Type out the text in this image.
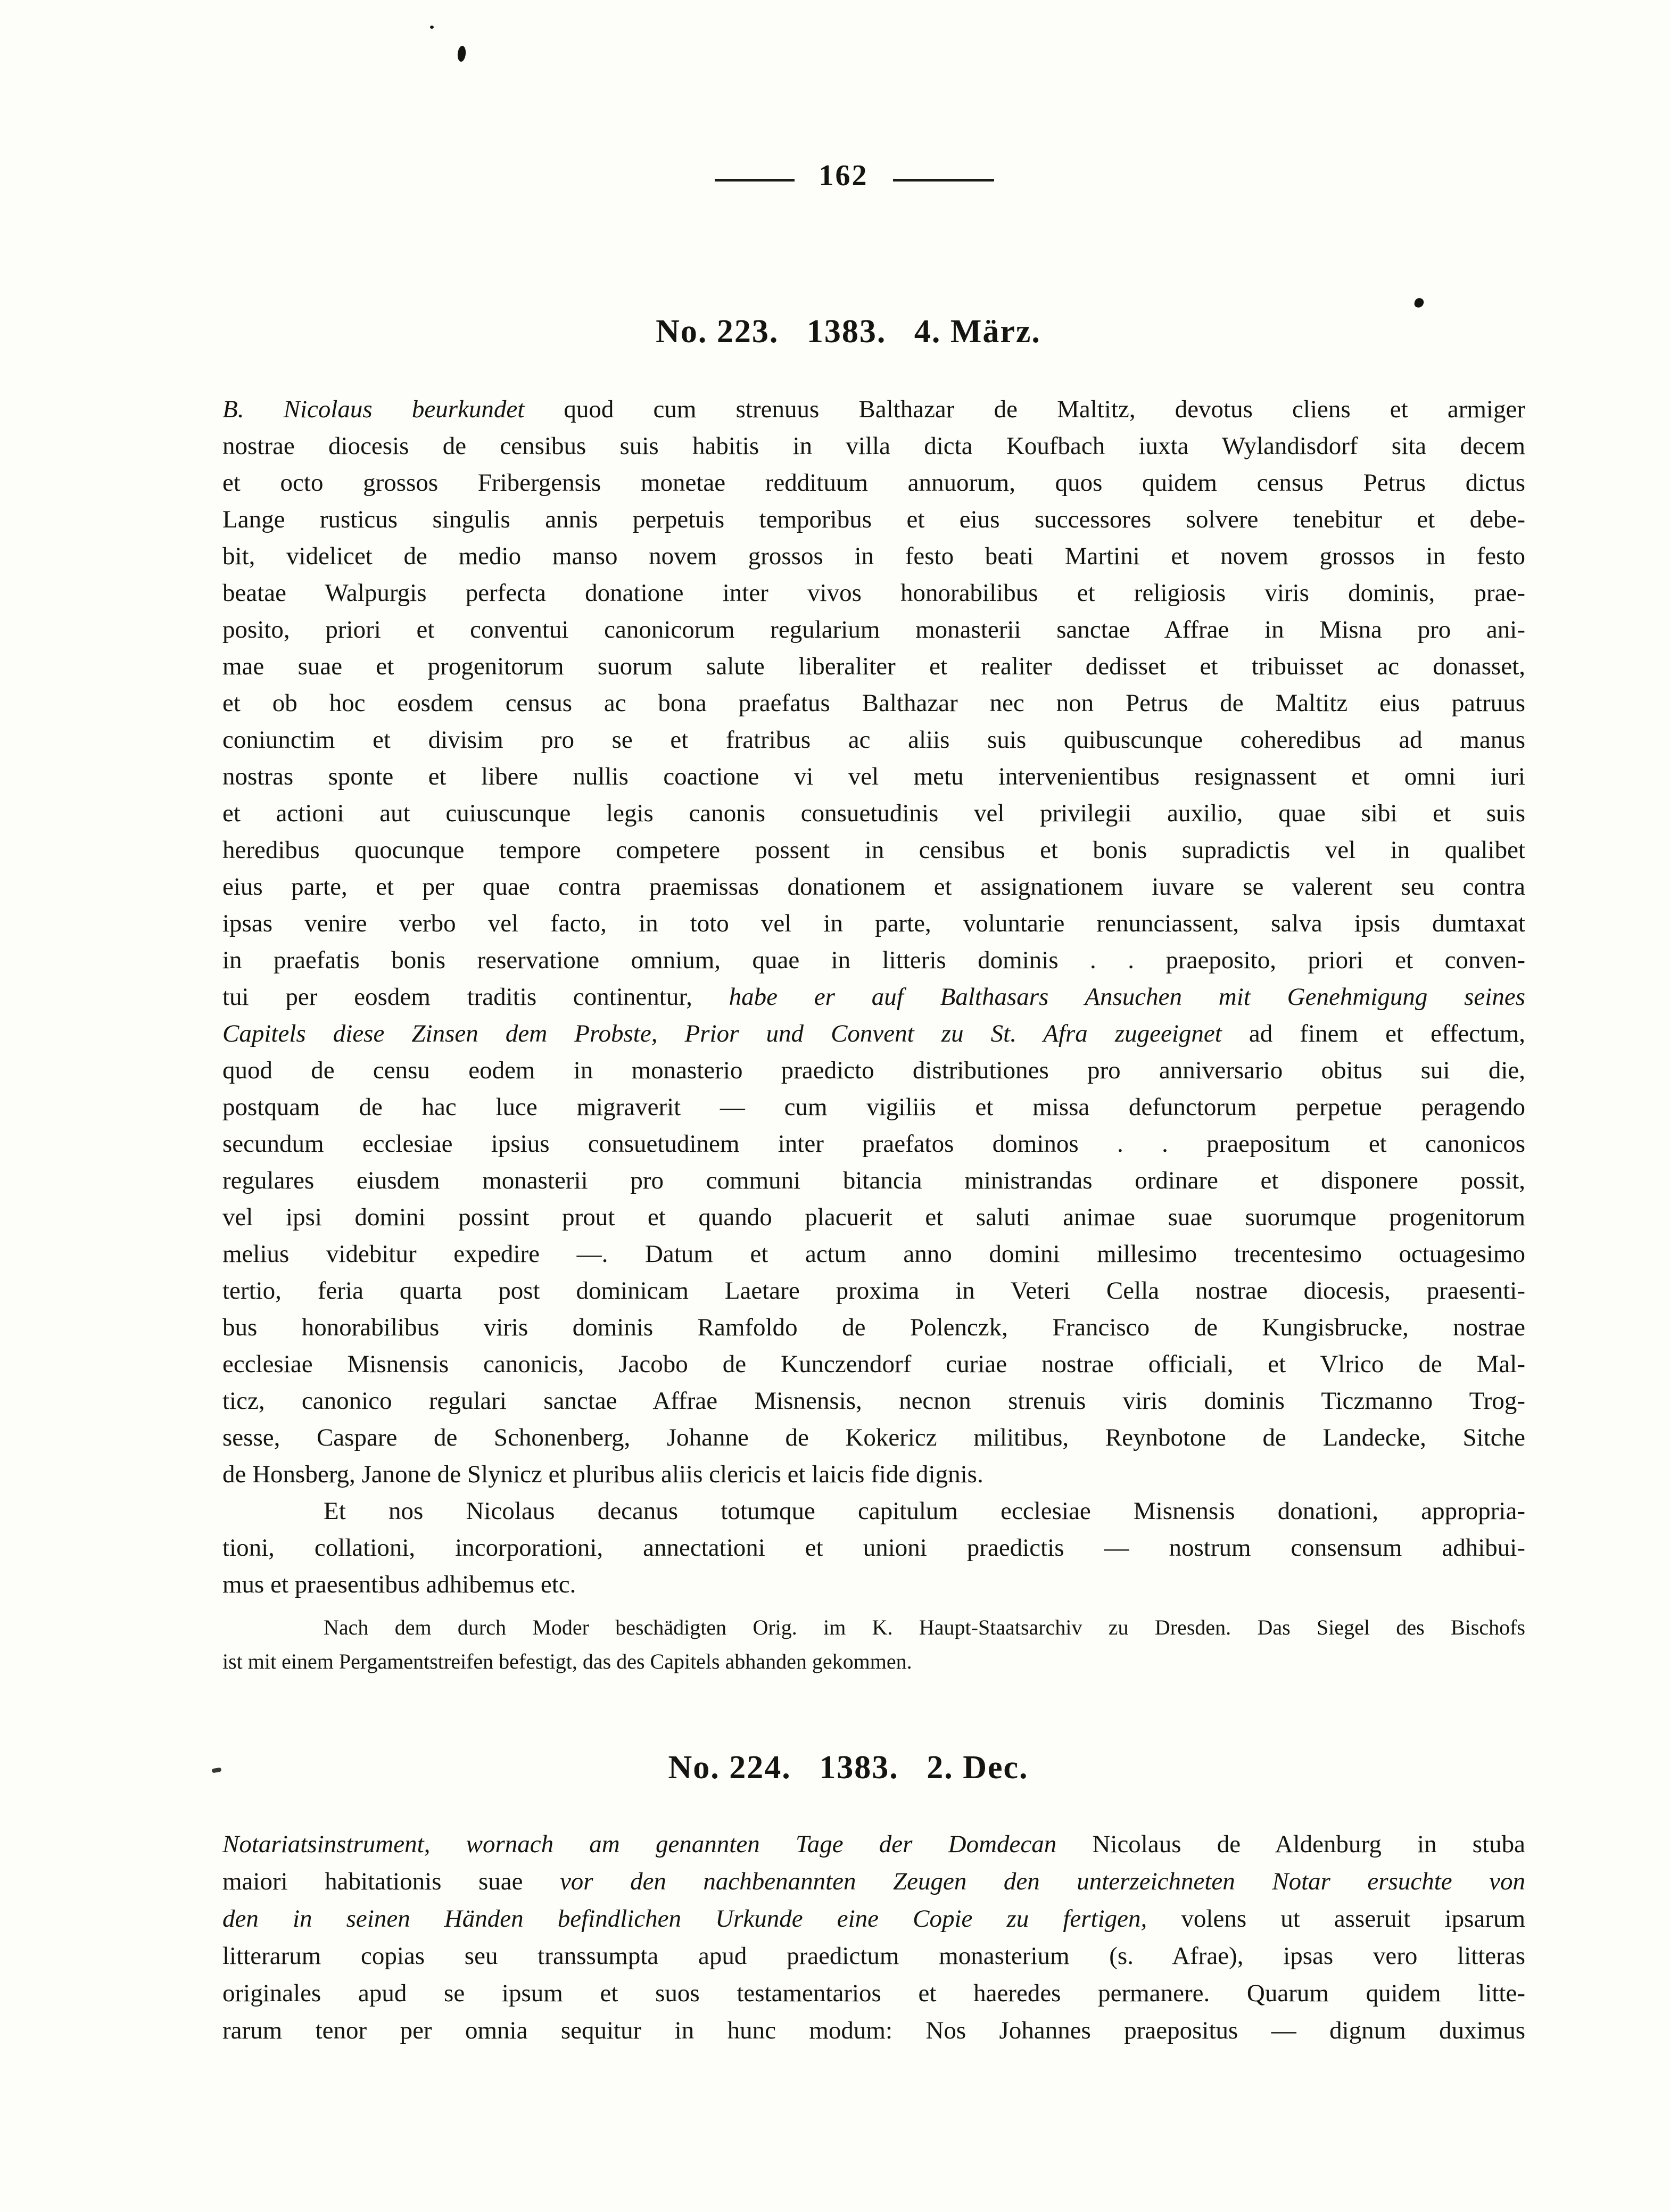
162
No. 223.   1383.   4. März.
B. Nicolaus beurkundet quod cum strenuus Balthazar de Maltitz, devotus cliens et armiger
nostrae diocesis de censibus suis habitis in villa dicta Koufbach iuxta Wylandisdorf sita decem
et octo grossos Fribergensis monetae reddituum annuorum, quos quidem census Petrus dictus
Lange rusticus singulis annis perpetuis temporibus et eius successores solvere tenebitur et debe-
bit, videlicet de medio manso novem grossos in festo beati Martini et novem grossos in festo
beatae Walpurgis perfecta donatione inter vivos honorabilibus et religiosis viris dominis, prae-
posito, priori et conventui canonicorum regularium monasterii sanctae Affrae in Misna pro ani-
mae suae et progenitorum suorum salute liberaliter et realiter dedisset et tribuisset ac donasset,
et ob hoc eosdem census ac bona praefatus Balthazar nec non Petrus de Maltitz eius patruus
coniunctim et divisim pro se et fratribus ac aliis suis quibuscunque coheredibus ad manus
nostras sponte et libere nullis coactione vi vel metu intervenientibus resignassent et omni iuri
et actioni aut cuiuscunque legis canonis consuetudinis vel privilegii auxilio, quae sibi et suis
heredibus quocunque tempore competere possent in censibus et bonis supradictis vel in qualibet
eius parte, et per quae contra praemissas donationem et assignationem iuvare se valerent seu contra
ipsas venire verbo vel facto, in toto vel in parte, voluntarie renunciassent, salva ipsis dumtaxat
in praefatis bonis reservatione omnium, quae in litteris dominis . . praeposito, priori et conven-
tui per eosdem traditis continentur, habe er auf Balthasars Ansuchen mit Genehmigung seines
Capitels diese Zinsen dem Probste, Prior und Convent zu St. Afra zugeeignet ad finem et effectum,
quod de censu eodem in monasterio praedicto distributiones pro anniversario obitus sui die,
postquam de hac luce migraverit — cum vigiliis et missa defunctorum perpetue peragendo
secundum ecclesiae ipsius consuetudinem inter praefatos dominos . . praepositum et canonicos
regulares eiusdem monasterii pro communi bitancia ministrandas ordinare et disponere possit,
vel ipsi domini possint prout et quando placuerit et saluti animae suae suorumque progenitorum
melius videbitur expedire —. Datum et actum anno domini millesimo trecentesimo octuagesimo
tertio, feria quarta post dominicam Laetare proxima in Veteri Cella nostrae diocesis, praesenti-
bus honorabilibus viris dominis Ramfoldo de Polenczk, Francisco de Kungisbrucke, nostrae
ecclesiae Misnensis canonicis, Jacobo de Kunczendorf curiae nostrae officiali, et Vlrico de Mal-
ticz, canonico regulari sanctae Affrae Misnensis, necnon strenuis viris dominis Ticzmanno Trog-
sesse, Caspare de Schonenberg, Johanne de Kokericz militibus, Reynbotone de Landecke, Sitche
de Honsberg, Janone de Slynicz et pluribus aliis clericis et laicis fide dignis.
Et nos Nicolaus decanus totumque capitulum ecclesiae Misnensis donationi, appropria-
tioni, collationi, incorporationi, annectationi et unioni praedictis — nostrum consensum adhibui-
mus et praesentibus adhibemus etc.
Nach dem durch Moder beschädigten Orig. im K. Haupt-Staatsarchiv zu Dresden. Das Siegel des Bischofs
ist mit einem Pergamentstreifen befestigt, das des Capitels abhanden gekommen.
No. 224.   1383.   2. Dec.
Notariatsinstrument, wornach am genannten Tage der Domdecan Nicolaus de Aldenburg in stuba
maiori habitationis suae vor den nachbenannten Zeugen den unterzeichneten Notar ersuchte von
den in seinen Händen befindlichen Urkunde eine Copie zu fertigen, volens ut asseruit ipsarum
litterarum copias seu transsumpta apud praedictum monasterium (s. Afrae), ipsas vero litteras
originales apud se ipsum et suos testamentarios et haeredes permanere. Quarum quidem litte-
rarum tenor per omnia sequitur in hunc modum: Nos Johannes praepositus — dignum duximus
